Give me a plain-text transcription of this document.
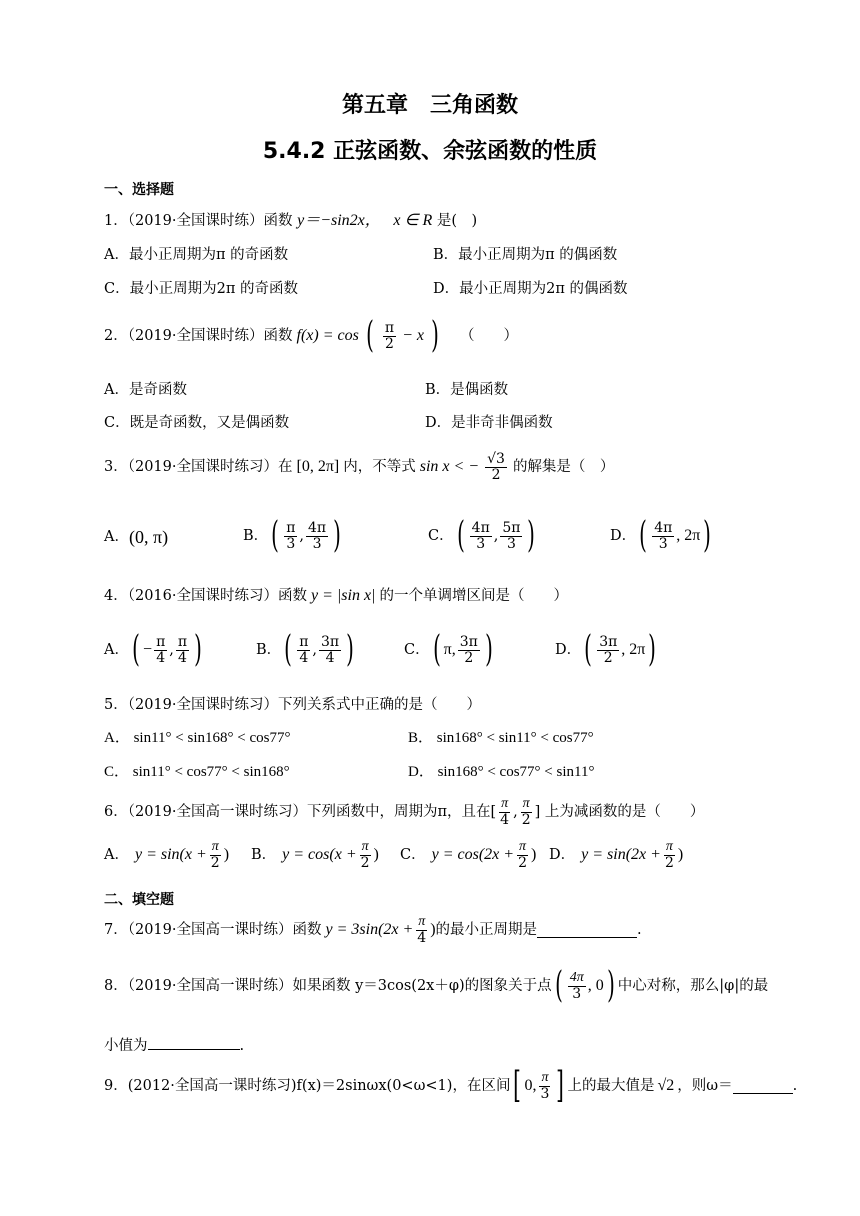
第五章　三角函数
5.4.2 正弦函数、余弦函数的性质
一、选择题
1．（2019·全国课时练）函数 y＝−sin2x， x ∈ R 是(　)
A．最小正周期为π 的奇函数	B．最小正周期为π 的偶函数
C．最小正周期为2π 的奇函数	D．最小正周期为2π 的偶函数
2．（2019·全国课时练）函数 f(x) = cos ( $\frac{\pi}{2} - x$ ) （　　）
A．是奇函数	B．是偶函数
C．既是奇函数，又是偶函数	D．是非奇非偶函数
3．（2019·全国课时练习）在 [0, 2π] 内，不等式 sin x < − $\frac{√3}{2}$ 的解集是（　）
A． (0, π)	B． ( $\frac{\pi}{3}$ , $\frac{4\pi}{3}$ )	C． ( $\frac{4\pi}{3}$ , $\frac{5\pi}{3}$ )	D． ( $\frac{4\pi}{3}$ , 2π )
4．（2016·全国课时练习）函数 y = |sin x| 的一个单调增区间是（　　）
A． ( − $\frac{\pi}{4}$ , $\frac{\pi}{4}$ )	B． ( $\frac{\pi}{4}$ , $\frac{3\pi}{4}$ )	C． ( π, $\frac{3\pi}{2}$ )	D． ( $\frac{3\pi}{2}$ , 2π )
5．（2019·全国课时练习）下列关系式中正确的是（　　）
A． sin11° < sin168° < cos77°	B． sin168° < sin11° < cos77°
C． sin11° < cos77° < sin168°	D． sin168° < cos77° < sin11°
6．（2019·全国高一课时练习）下列函数中，周期为π，且在[ $\frac{\pi}{4}$ , $\frac{\pi}{2}$ ] 上为减函数的是（　　）
A． $y = \sin(x + \frac{\pi}{2}$ ) B． $y = \cos(x + \frac{\pi}{2}$ ) C． $y = \cos(2x + \frac{\pi}{2}$ ) D． $y = \sin(2x + \frac{\pi}{2}$ )
二、填空题
7．（2019·全国高一课时练）函数 $y = 3\sin(2x + \frac{\pi}{4}$ ) 的最小正周期是	.
8．（2019·全国高一课时练）如果函数 y＝3cos(2x＋φ)的图象关于点 ( $\frac{4\pi}{3}$ , 0 ) 中心对称，那么|φ|的最
小值为	.
9．(2012·全国高一课时练习)f(x)＝2sinωx(0<ω<1)，在区间 [ 0, $\frac{\pi}{3}$ ] 上的最大值是 √2 ，则ω＝	.
